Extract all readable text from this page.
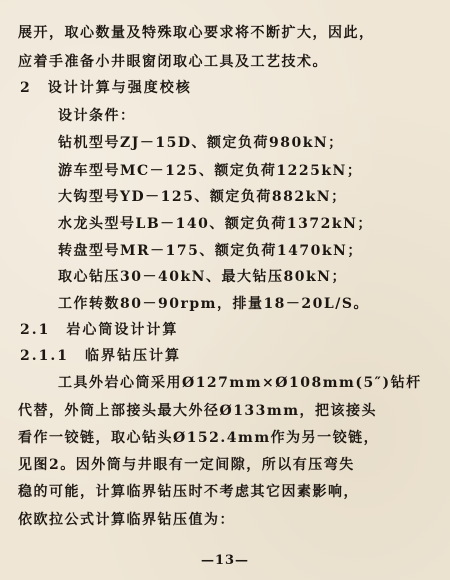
展开，取心数量及特殊取心要求将不断扩大，因此，
应着手准备小井眼窗闭取心工具及工艺技术。
2　设计计算与强度校核
设计条件：
钻机型号ZJ－15D、额定负荷980kN；
游车型号MC－125、额定负荷1225kN；
大钩型号YD－125、额定负荷882kN；
水龙头型号LB－140、额定负荷1372kN；
转盘型号MR－175、额定负荷1470kN；
取心钻压30－40kN、最大钻压80kN；
工作转数80－90rpm，排量18－20L/S。
2.1　岩心筒设计计算
2.1.1　临界钻压计算
工具外岩心筒采用Ø127mm×Ø108mm(5″)钻杆
代替，外筒上部接头最大外径Ø133mm，把该接头
看作一铰链，取心钻头Ø152.4mm作为另一铰链，
见图2。因外筒与井眼有一定间隙，所以有压弯失
稳的可能，计算临界钻压时不考虑其它因素影响，
依欧拉公式计算临界钻压值为：
—13—
